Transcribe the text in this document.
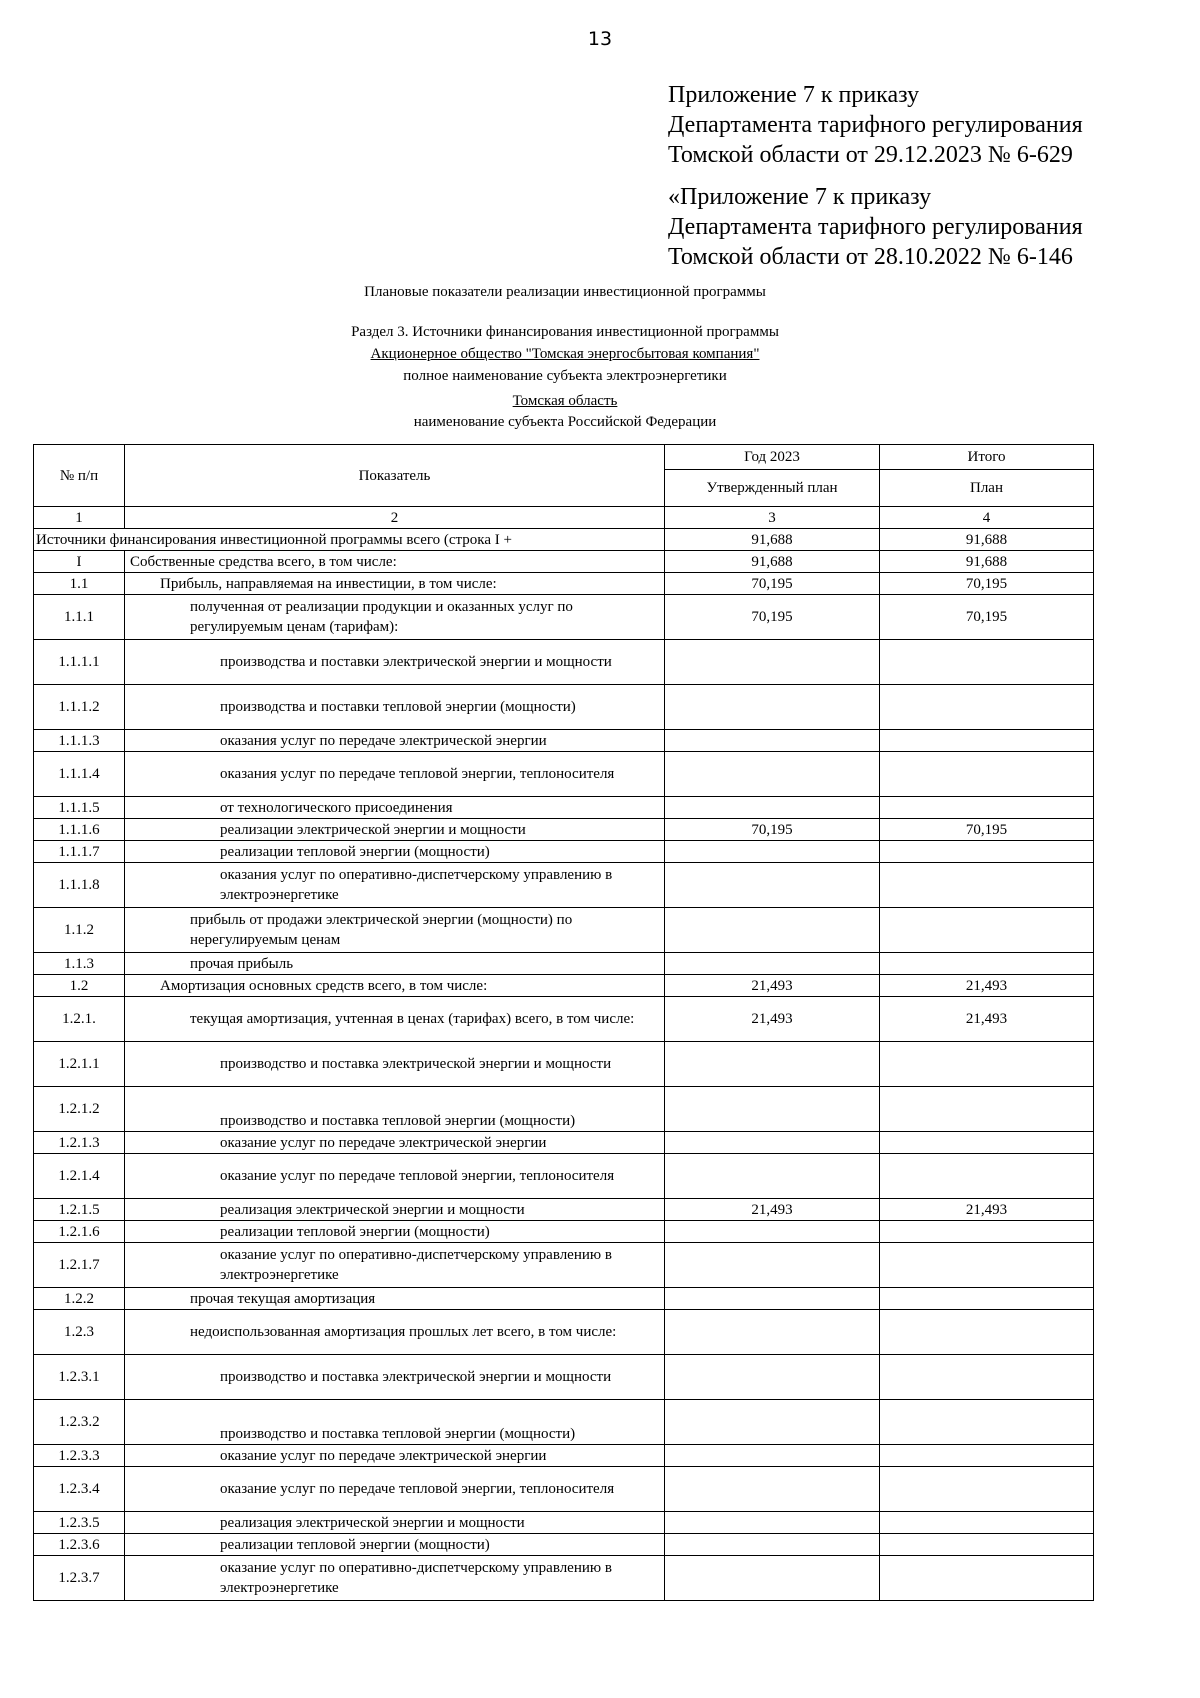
13
Приложение 7 к приказу
Департамента тарифного регулирования
Томской области от 29.12.2023 № 6-629
«Приложение 7 к приказу
Департамента тарифного регулирования
Томской области от 28.10.2022 № 6-146
Плановые показатели реализации инвестиционной программы
Раздел 3. Источники финансирования инвестиционной программы
Акционерное общество "Томская энергосбытовая компания"
полное наименование субъекта электроэнергетики
Томская область
наименование субъекта Российской Федерации
№ п/п	Показатель	Год 2023	Итого
		Утвержденный план	План
1	2	3	4
Источники финансирования инвестиционной программы всего (строка I +		91,688	91,688
I	Собственные средства всего, в том числе:	91,688	91,688
1.1	Прибыль, направляемая на инвестиции, в том числе:	70,195	70,195
1.1.1	полученная от реализации продукции и оказанных услуг по регулируемым ценам (тарифам):	70,195	70,195
1.1.1.1	производства и поставки электрической энергии и мощности		
1.1.1.2	производства и поставки тепловой энергии (мощности)		
1.1.1.3	оказания услуг по передаче электрической энергии		
1.1.1.4	оказания услуг по передаче тепловой энергии, теплоносителя		
1.1.1.5	от технологического присоединения		
1.1.1.6	реализации электрической энергии и мощности	70,195	70,195
1.1.1.7	реализации тепловой энергии (мощности)		
1.1.1.8	оказания услуг по оперативно-диспетчерскому управлению в электроэнергетике		
1.1.2	прибыль от продажи электрической энергии (мощности) по нерегулируемым ценам		
1.1.3	прочая прибыль		
1.2	Амортизация основных средств всего, в том числе:	21,493	21,493
1.2.1.	текущая амортизация, учтенная в ценах (тарифах) всего, в том числе:	21,493	21,493
1.2.1.1	производство и поставка электрической энергии и мощности		
1.2.1.2	производство и поставка тепловой энергии (мощности)		
1.2.1.3	оказание услуг по передаче электрической энергии		
1.2.1.4	оказание услуг по передаче тепловой энергии, теплоносителя		
1.2.1.5	реализация электрической энергии и мощности	21,493	21,493
1.2.1.6	реализации тепловой энергии (мощности)		
1.2.1.7	оказание услуг по оперативно-диспетчерскому управлению в электроэнергетике		
1.2.2	прочая текущая амортизация		
1.2.3	недоиспользованная амортизация прошлых лет всего, в том числе:		
1.2.3.1	производство и поставка электрической энергии и мощности		
1.2.3.2	производство и поставка тепловой энергии (мощности)		
1.2.3.3	оказание услуг по передаче электрической энергии		
1.2.3.4	оказание услуг по передаче тепловой энергии, теплоносителя		
1.2.3.5	реализация электрической энергии и мощности		
1.2.3.6	реализации тепловой энергии (мощности)		
1.2.3.7	оказание услуг по оперативно-диспетчерскому управлению в электроэнергетике		
